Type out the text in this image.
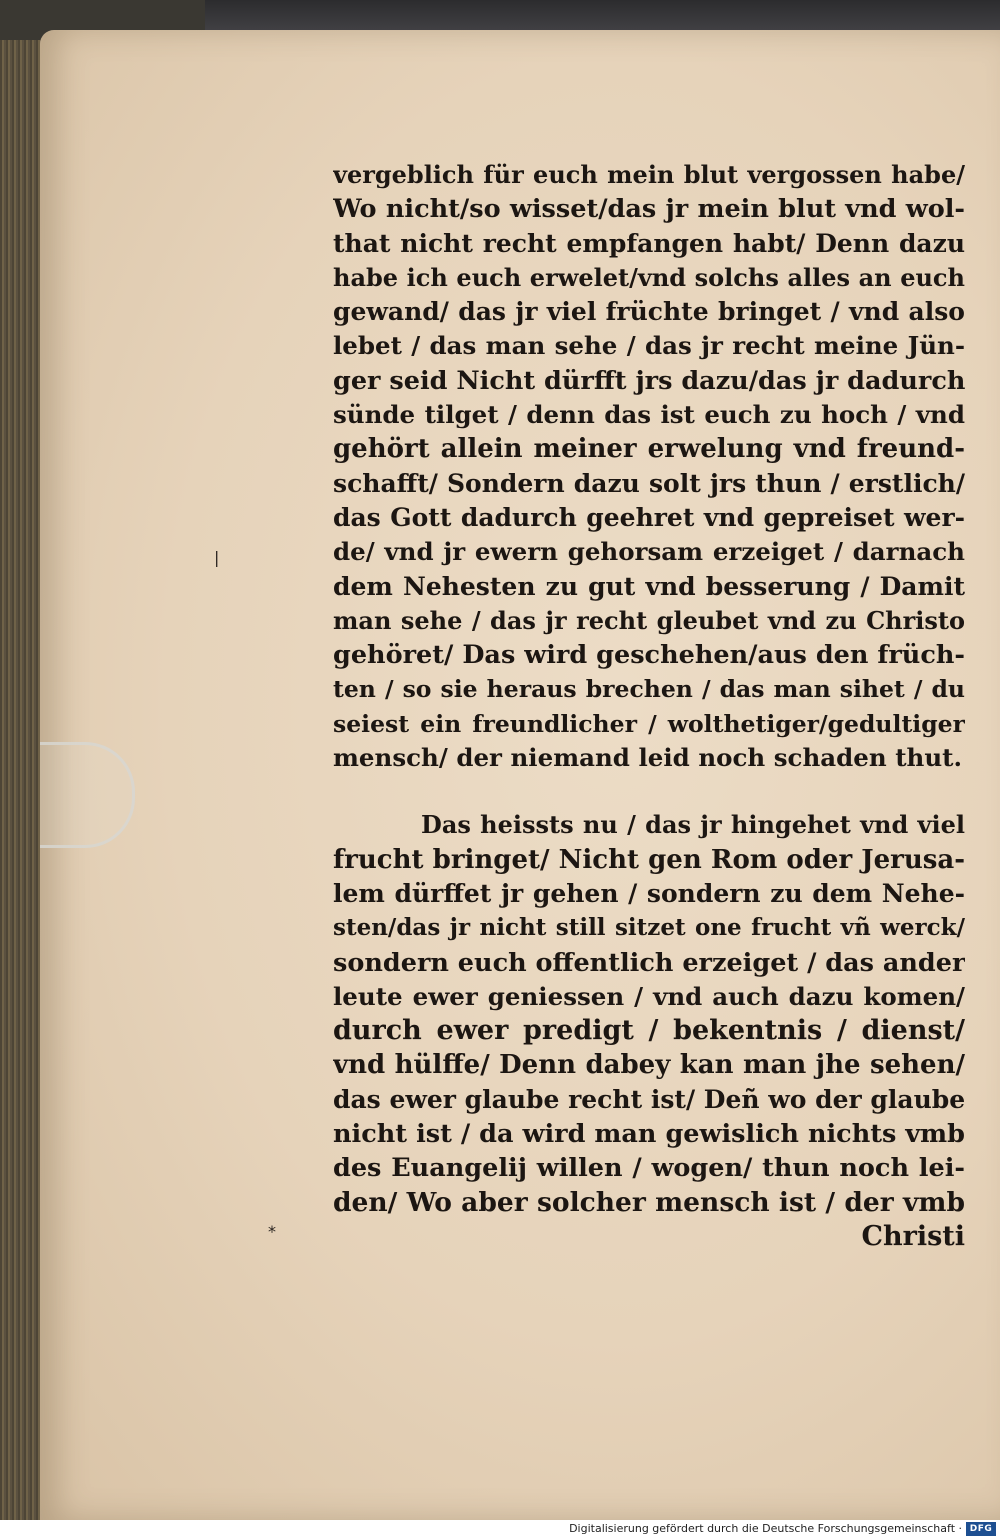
|
*
vergeblich für euch mein blut vergossen habe/
Wo nicht/so wisset/das jr mein blut vnd wol-
that nicht recht empfangen habt/ Denn dazu
habe ich euch erwelet/vnd solchs alles an euch
gewand/ das jr viel früchte bringet / vnd also
lebet / das man sehe / das jr recht meine Jün-
ger seid Nicht dürfft jrs dazu/das jr dadurch
sünde tilget / denn das ist euch zu hoch / vnd
gehört allein meiner erwelung vnd freund-
schafft/ Sondern dazu solt jrs thun / erstlich/
das Gott dadurch geehret vnd gepreiset wer-
de/ vnd jr ewern gehorsam erzeiget / darnach
dem Nehesten zu gut vnd besserung / Damit
man sehe / das jr recht gleubet vnd zu Christo
gehöret/ Das wird geschehen/aus den früch-
ten / so sie heraus brechen / das man sihet / du
seiest ein freundlicher / wolthetiger/gedultiger
mensch/ der niemand leid noch schaden thut.
Das heissts nu / das jr hingehet vnd viel
frucht bringet/ Nicht gen Rom oder Jerusa-
lem dürffet jr gehen / sondern zu dem Nehe-
sten/das jr nicht still sitzet one frucht vñ werck/
sondern euch offentlich erzeiget / das ander
leute ewer geniessen / vnd auch dazu komen/
durch ewer predigt / bekentnis / dienst/
vnd hülffe/ Denn dabey kan man jhe sehen/
das ewer glaube recht ist/ Deñ wo der glaube
nicht ist / da wird man gewislich nichts vmb
des Euangelij willen / wogen/ thun noch lei-
den/ Wo aber solcher mensch ist / der vmb
Christi
Digitalisierung gefördert durch die Deutsche Forschungsgemeinschaft · DFG
